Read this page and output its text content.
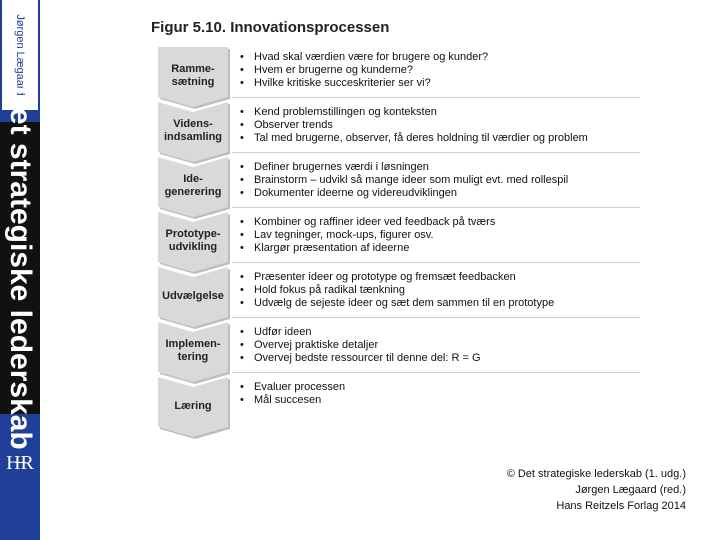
Jørgen Lægaard
Det strategiske lederskab
H̶R
Figur 5.10. Innovationsprocessen
Ramme-
sætning
• Hvad skal værdien være for brugere og kunder?
• Hvem er brugerne og kunderne?
• Hvilke kritiske succeskriterier ser vi?
Videns-
indsamling
• Kend problemstillingen og konteksten
• Observer trends
• Tal med brugerne, observer, få deres holdning til værdier og problem
Ide-
generering
• Definer brugernes værdi i løsningen
• Brainstorm – udvikl så mange ideer som muligt evt. med rollespil
• Dokumenter ideerne og videreudviklingen
Prototype-
udvikling
• Kombiner og raffiner ideer ved feedback på tværs
• Lav tegninger, mock-ups, figurer osv.
• Klargør præsentation af ideerne
Udvælgelse
• Præsenter ideer og prototype og fremsæt feedbacken
• Hold fokus på radikal tænkning
• Udvælg de sejeste ideer og sæt dem sammen til en prototype
Implemen-
tering
• Udfør ideen
• Overvej praktiske detaljer
• Overvej bedste ressourcer til denne del: R = G
Læring
• Evaluer processen
• Mål succesen
© Det strategiske lederskab (1. udg.)
Jørgen Lægaard (red.)
Hans Reitzels Forlag 2014
